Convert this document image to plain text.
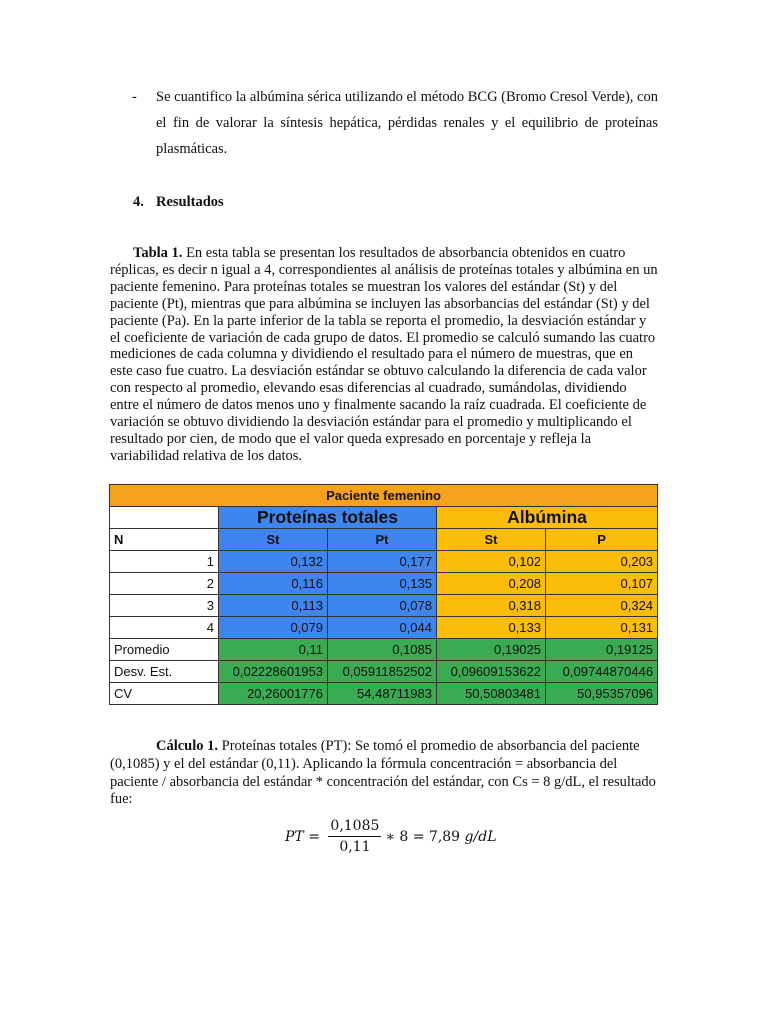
- Se cuantifico la albúmina sérica utilizando el método BCG (Bromo Cresol Verde), con el fin de valorar la síntesis hepática, pérdidas renales y el equilibrio de proteínas plasmáticas.
4. Resultados
Tabla 1. En esta tabla se presentan los resultados de absorbancia obtenidos en cuatro réplicas, es decir n igual a 4, correspondientes al análisis de proteínas totales y albúmina en un paciente femenino. Para proteínas totales se muestran los valores del estándar (St) y del paciente (Pt), mientras que para albúmina se incluyen las absorbancias del estándar (St) y del paciente (Pa). En la parte inferior de la tabla se reporta el promedio, la desviación estándar y el coeficiente de variación de cada grupo de datos. El promedio se calculó sumando las cuatro mediciones de cada columna y dividiendo el resultado para el número de muestras, que en este caso fue cuatro. La desviación estándar se obtuvo calculando la diferencia de cada valor con respecto al promedio, elevando esas diferencias al cuadrado, sumándolas, dividiendo entre el número de datos menos uno y finalmente sacando la raíz cuadrada. El coeficiente de variación se obtuvo dividiendo la desviación estándar para el promedio y multiplicando el resultado por cien, de modo que el valor queda expresado en porcentaje y refleja la variabilidad relativa de los datos.
Paciente femenino				
	Proteínas totales		Albúmina	
N	St	Pt	St	P
1	0,132	0,177	0,102	0,203
2	0,116	0,135	0,208	0,107
3	0,113	0,078	0,318	0,324
4	0,079	0,044	0,133	0,131
Promedio	0,11	0,1085	0,19025	0,19125
Desv. Est.	0,02228601953	0,05911852502	0,09609153622	0,09744870446
CV	20,26001776	54,48711983	50,50803481	50,95357096
Cálculo 1. Proteínas totales (PT): Se tomó el promedio de absorbancia del paciente (0,1085) y el del estándar (0,11). Aplicando la fórmula concentración = absorbancia del paciente / absorbancia del estándar * concentración del estándar, con Cs = 8 g/dL, el resultado fue:
PT = $\frac{0,1085}{0,11}$ ∗ 8 = 7,89 g/dL
